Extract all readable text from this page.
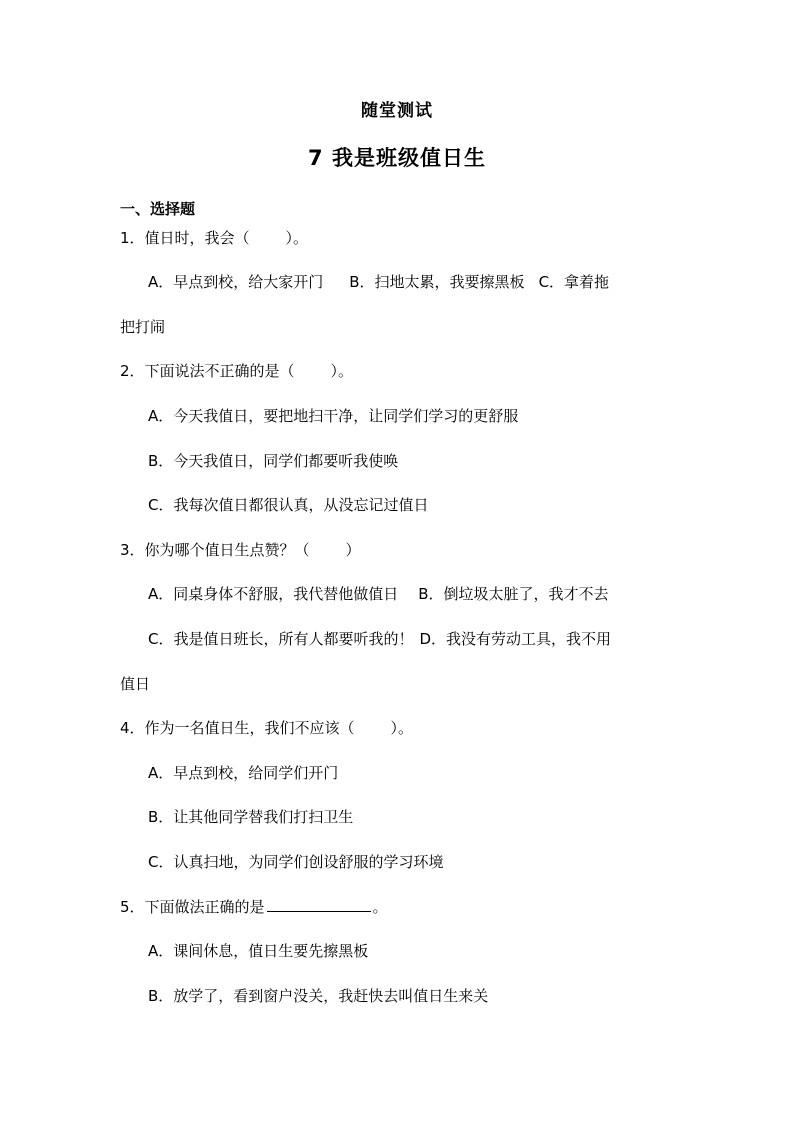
随堂测试
7 我是班级值日生
一、选择题
1．值日时，我会（ ）。
A．早点到校，给大家开门 B．扫地太累，我要擦黑板 C．拿着拖
把打闹
2．下面说法不正确的是（ ）。
A．今天我值日，要把地扫干净，让同学们学习的更舒服
B．今天我值日，同学们都要听我使唤
C．我每次值日都很认真，从没忘记过值日
3．你为哪个值日生点赞？（ ）
A．同桌身体不舒服，我代替他做值日 B．倒垃圾太脏了，我才不去
C．我是值日班长，所有人都要听我的！ D．我没有劳动工具，我不用
值日
4．作为一名值日生，我们不应该（ ）。
A．早点到校，给同学们开门
B．让其他同学替我们打扫卫生
C．认真扫地，为同学们创设舒服的学习环境
5．下面做法正确的是	。
A．课间休息，值日生要先擦黑板
B．放学了，看到窗户没关，我赶快去叫值日生来关
